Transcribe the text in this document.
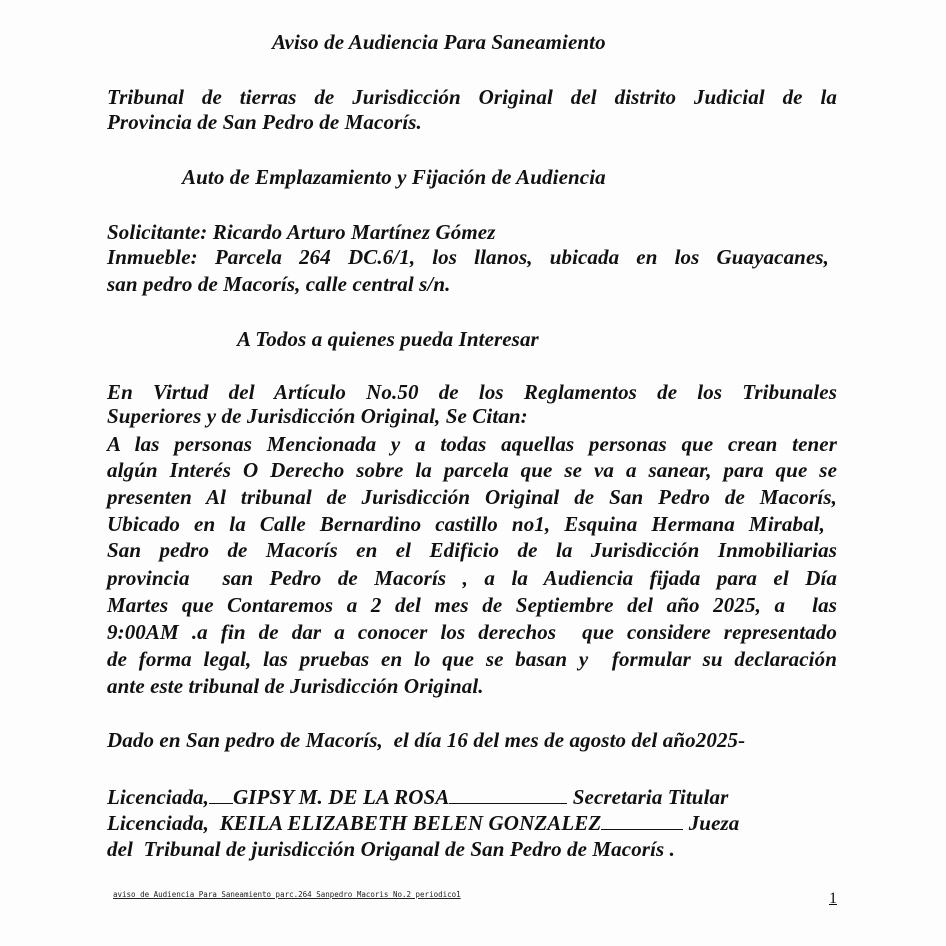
Aviso de Audiencia Para Saneamiento
Tribunal de tierras de Jurisdicción Original del distrito Judicial de la
Provincia de San Pedro de Macorís.
Auto de Emplazamiento y Fijación de Audiencia
Solicitante: Ricardo Arturo Martínez Gómez
Inmueble: Parcela 264 DC.6/1, los llanos, ubicada en los Guayacanes,
san pedro de Macorís, calle central s/n.
A Todos a quienes pueda Interesar
En Virtud del Artículo No.50 de los Reglamentos de los Tribunales
Superiores y de Jurisdicción Original, Se Citan:
A las personas Mencionada y a todas aquellas personas que crean tener
algún Interés O Derecho sobre la parcela que se va a sanear, para que se
presenten Al tribunal de Jurisdicción Original de San Pedro de Macorís,
Ubicado en la Calle Bernardino castillo no1, Esquina Hermana Mirabal,
San pedro de Macorís en el Edificio de la Jurisdicción Inmobiliarias
provincia  san Pedro de Macorís , a la Audiencia fijada para el Día
Martes que Contaremos a 2 del mes de Septiembre del año 2025, a  las
9:00AM .a fin de dar a conocer los derechos  que considere representado
de forma legal, las pruebas en lo que se basan y  formular su declaración
ante este tribunal de Jurisdicción Original.
Dado en San pedro de Macorís,  el día 16 del mes de agosto del año2025-
Licenciada, GIPSY M. DE LA ROSA	Secretaria Titular
Licenciada, KEILA ELIZABETH BELEN GONZALEZ	Jueza
del  Tribunal de jurisdicción Origanal de San Pedro de Macorís .
aviso de Audiencia Para Saneamiento parc.264 Sanpedro Macoris No.2 periodico1	1
